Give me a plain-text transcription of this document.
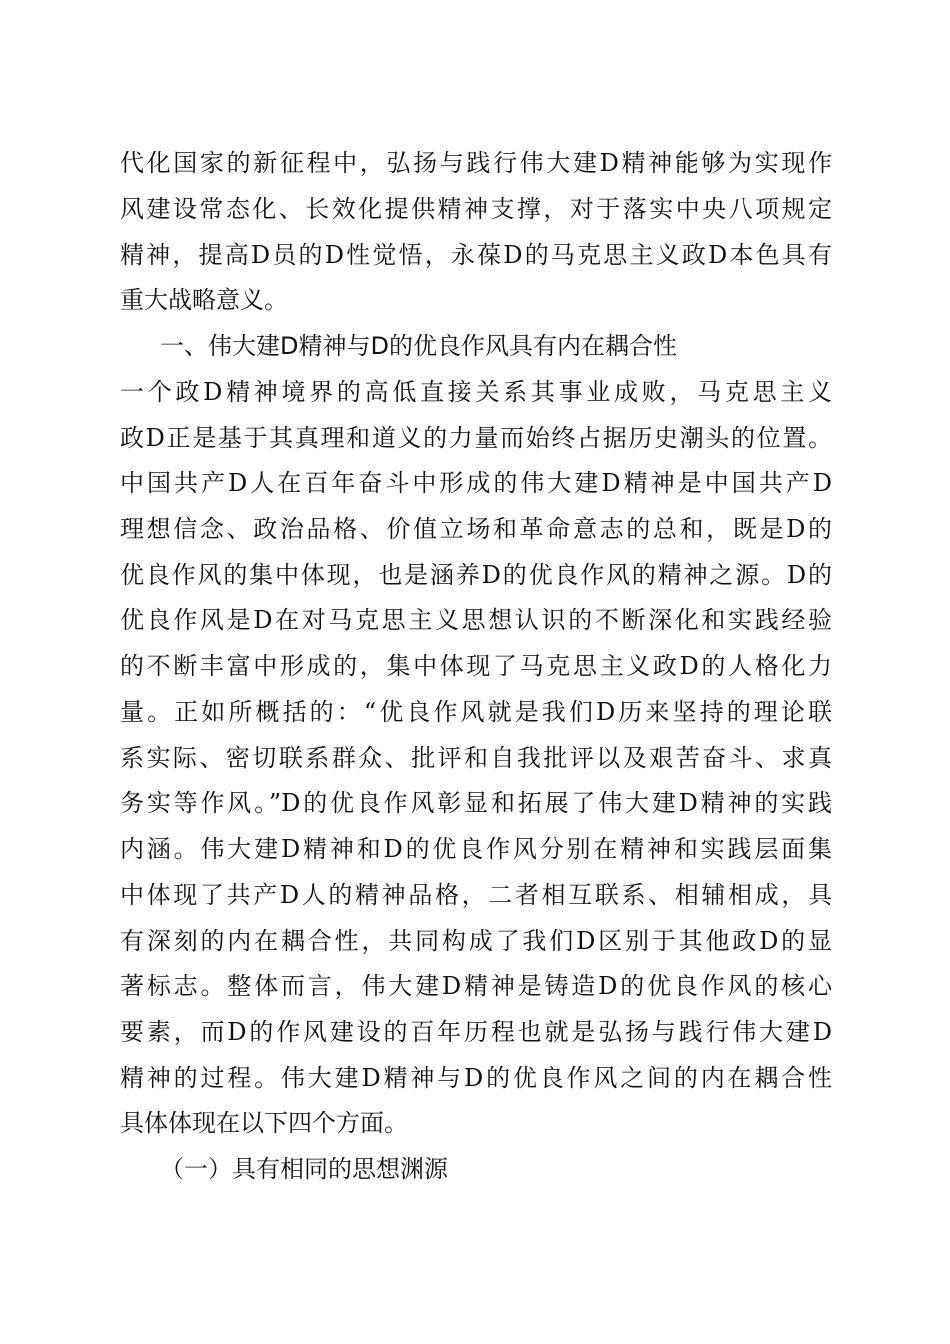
代化国家的新征程中，弘扬与践行伟大建D精神能够为实现作
风建设常态化、长效化提供精神支撑，对于落实中央八项规定
精神，提高D员的D性觉悟，永葆D的马克思主义政D本色具有
重大战略意义。
一、伟大建D精神与D的优良作风具有内在耦合性
一个政D精神境界的高低直接关系其事业成败，马克思主义
政D正是基于其真理和道义的力量而始终占据历史潮头的位置。
中国共产D人在百年奋斗中形成的伟大建D精神是中国共产D
理想信念、政治品格、价值立场和革命意志的总和，既是D的
优良作风的集中体现，也是涵养D的优良作风的精神之源。D的
优良作风是D在对马克思主义思想认识的不断深化和实践经验
的不断丰富中形成的，集中体现了马克思主义政D的人格化力
量。正如所概括的：“优良作风就是我们D历来坚持的理论联
系实际、密切联系群众、批评和自我批评以及艰苦奋斗、求真
务实等作风。”D的优良作风彰显和拓展了伟大建D精神的实践
内涵。伟大建D精神和D的优良作风分别在精神和实践层面集
中体现了共产D人的精神品格，二者相互联系、相辅相成，具
有深刻的内在耦合性，共同构成了我们D区别于其他政D的显
著标志。整体而言，伟大建D精神是铸造D的优良作风的核心
要素，而D的作风建设的百年历程也就是弘扬与践行伟大建D
精神的过程。伟大建D精神与D的优良作风之间的内在耦合性
具体体现在以下四个方面。
（一）具有相同的思想渊源
